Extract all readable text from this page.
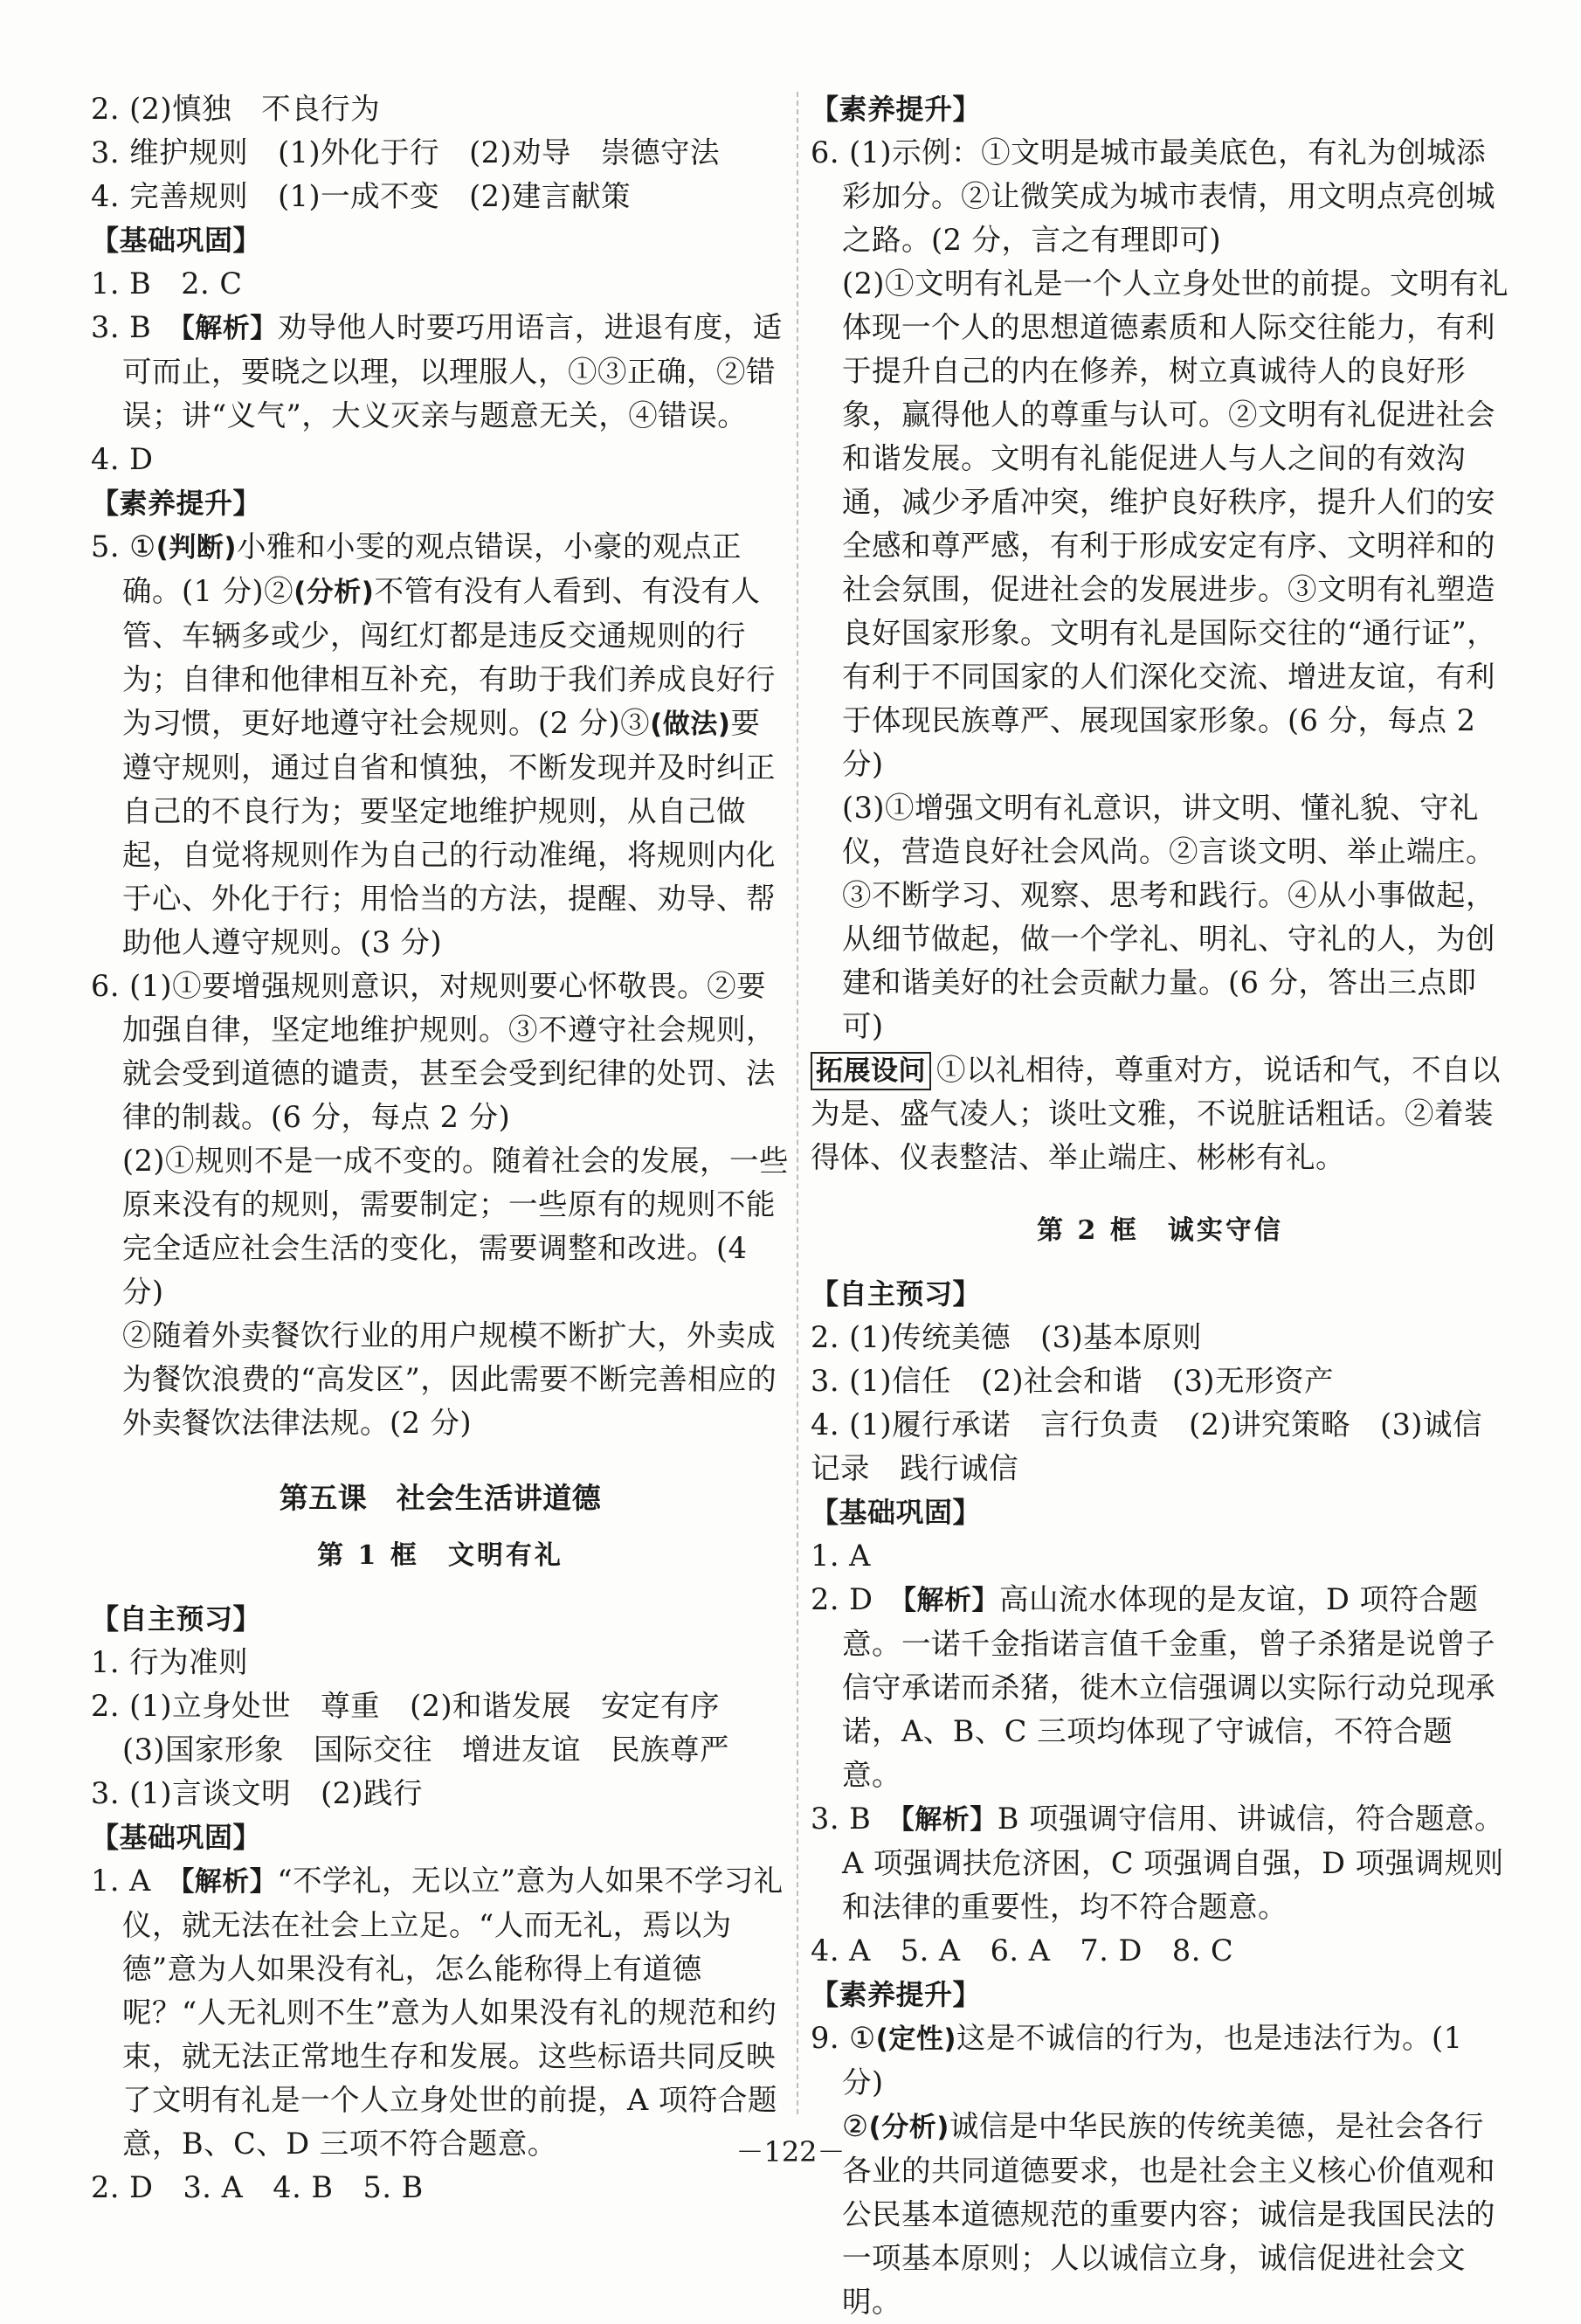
2. (2)慎独　不良行为

3. 维护规则　(1)外化于行　(2)劝导　崇德守法

4. 完善规则　(1)一成不变　(2)建言献策

【基础巩固】

1. B　2. C

3. B　【解析】劝导他人时要巧用语言，进退有度，适可而止，要晓之以理，以理服人，①③正确，②错误；讲“义气”，大义灭亲与题意无关，④错误。

4. D

【素养提升】

5. ①(判断)小雅和小雯的观点错误，小豪的观点正确。(1 分)②(分析)不管有没有人看到、有没有人管、车辆多或少，闯红灯都是违反交通规则的行为；自律和他律相互补充，有助于我们养成良好行为习惯，更好地遵守社会规则。(2 分)③(做法)要遵守规则，通过自省和慎独，不断发现并及时纠正自己的不良行为；要坚定地维护规则，从自己做起，自觉将规则作为自己的行动准绳，将规则内化于心、外化于行；用恰当的方法，提醒、劝导、帮助他人遵守规则。(3 分)

6. (1)①要增强规则意识，对规则要心怀敬畏。②要加强自律，坚定地维护规则。③不遵守社会规则，就会受到道德的谴责，甚至会受到纪律的处罚、法律的制裁。(6 分，每点 2 分)

(2)①规则不是一成不变的。随着社会的发展，一些原来没有的规则，需要制定；一些原有的规则不能完全适应社会生活的变化，需要调整和改进。(4 分)

②随着外卖餐饮行业的用户规模不断扩大，外卖成为餐饮浪费的“高发区”，因此需要不断完善相应的外卖餐饮法律法规。(2 分)

第五课　社会生活讲道德

第 1 框　文明有礼

【自主预习】

1. 行为准则

2. (1)立身处世　尊重　(2)和谐发展　安定有序

(3)国家形象　国际交往　增进友谊　民族尊严

3. (1)言谈文明　(2)践行

【基础巩固】

1. A　【解析】“不学礼，无以立”意为人如果不学习礼仪，就无法在社会上立足。“人而无礼，焉以为德”意为人如果没有礼，怎么能称得上有道德呢？“人无礼则不生”意为人如果没有礼的规范和约束，就无法正常地生存和发展。这些标语共同反映了文明有礼是一个人立身处世的前提，A 项符合题意，B、C、D 三项不符合题意。

2. D　3. A　4. B　5. B

【素养提升】

6. (1)示例：①文明是城市最美底色，有礼为创城添彩加分。②让微笑成为城市表情，用文明点亮创城之路。(2 分，言之有理即可)

(2)①文明有礼是一个人立身处世的前提。文明有礼体现一个人的思想道德素质和人际交往能力，有利于提升自己的内在修养，树立真诚待人的良好形象，赢得他人的尊重与认可。②文明有礼促进社会和谐发展。文明有礼能促进人与人之间的有效沟通，减少矛盾冲突，维护良好秩序，提升人们的安全感和尊严感，有利于形成安定有序、文明祥和的社会氛围，促进社会的发展进步。③文明有礼塑造良好国家形象。文明有礼是国际交往的“通行证”，有利于不同国家的人们深化交流、增进友谊，有利于体现民族尊严、展现国家形象。(6 分，每点 2 分)

(3)①增强文明有礼意识，讲文明、懂礼貌、守礼仪，营造良好社会风尚。②言谈文明、举止端庄。③不断学习、观察、思考和践行。④从小事做起，从细节做起，做一个学礼、明礼、守礼的人，为创建和谐美好的社会贡献力量。(6 分，答出三点即可)

拓展设问 ①以礼相待，尊重对方，说话和气，不自以为是、盛气凌人；谈吐文雅，不说脏话粗话。②着装得体、仪表整洁、举止端庄、彬彬有礼。

第 2 框　诚实守信

【自主预习】

2. (1)传统美德　(3)基本原则

3. (1)信任　(2)社会和谐　(3)无形资产

4. (1)履行承诺　言行负责　(2)讲究策略　(3)诚信记录　践行诚信

【基础巩固】

1. A

2. D　【解析】高山流水体现的是友谊，D 项符合题意。一诺千金指诺言值千金重，曾子杀猪是说曾子信守承诺而杀猪，徙木立信强调以实际行动兑现承诺，A、B、C 三项均体现了守诚信，不符合题意。

3. B　【解析】B 项强调守信用、讲诚信，符合题意。A 项强调扶危济困，C 项强调自强，D 项强调规则和法律的重要性，均不符合题意。

4. A　5. A　6. A　7. D　8. C

【素养提升】

9. ①(定性)这是不诚信的行为，也是违法行为。(1 分)

②(分析)诚信是中华民族的传统美德，是社会各行各业的共同道德要求，也是社会主义核心价值观和公民基本道德规范的重要内容；诚信是我国民法的一项基本原则；人以诚信立身，诚信促进社会文明。

－122－
